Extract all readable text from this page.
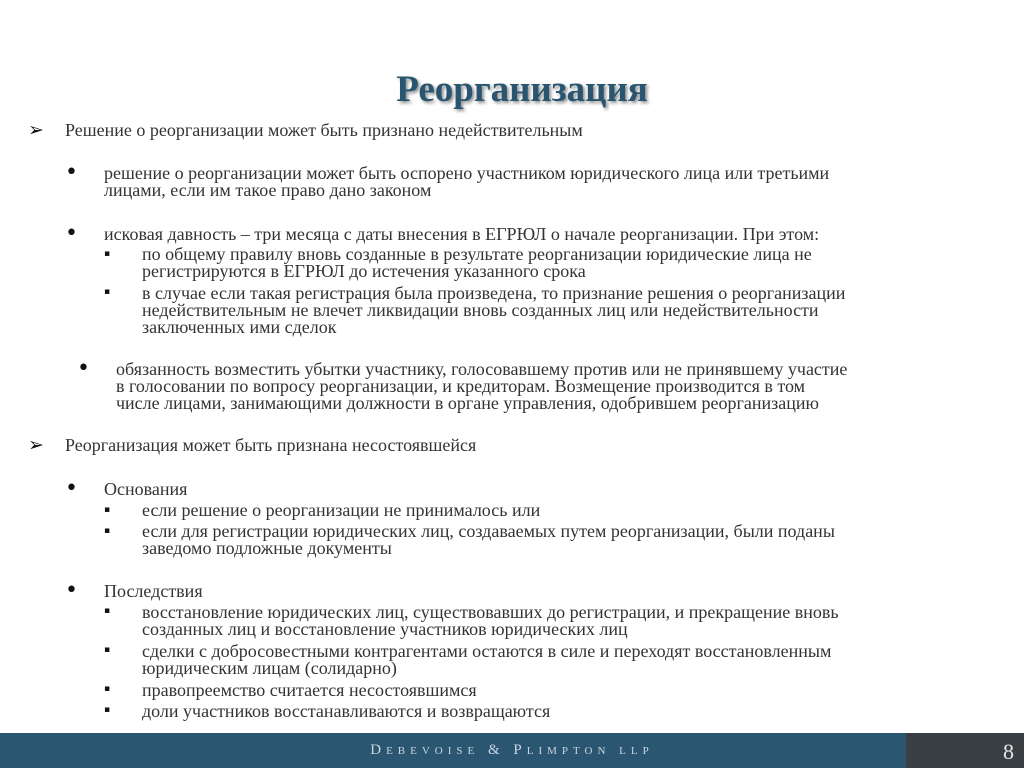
Реорганизация
➢ Решение о реорганизации может быть признано недействительным
• решение о реорганизации может быть оспорено участником юридического лица или третьими
лицами, если им такое право дано законом
• исковая давность – три месяца с даты внесения в ЕГРЮЛ о начале реорганизации. При этом:
▪ по общему правилу вновь созданные в результате реорганизации юридические лица не
регистрируются в ЕГРЮЛ до истечения указанного срока
▪ в случае если такая регистрация была произведена, то признание решения о реорганизации
недействительным не влечет ликвидации вновь созданных лиц или недействительности
заключенных ими сделок
• обязанность возместить убытки участнику, голосовавшему против или не принявшему участие
в голосовании по вопросу реорганизации, и кредиторам. Возмещение производится в том
числе лицами, занимающими должности в органе управления, одобрившем реорганизацию
➢ Реорганизация может быть признана несостоявшейся
• Основания
▪ если решение о реорганизации не принималось или
▪ если для регистрации юридических лиц, создаваемых путем реорганизации, были поданы
заведомо подложные документы
• Последствия
▪ восстановление юридических лиц, существовавших до регистрации, и прекращение вновь
созданных лиц и восстановление участников юридических лиц
▪ сделки с добросовестными контрагентами остаются в силе и переходят восстановленным
юридическим лицам (солидарно)
▪ правопреемство считается несостоявшимся
▪ доли участников восстанавливаются и возвращаются
Debevoise & Plimpton llp	8
